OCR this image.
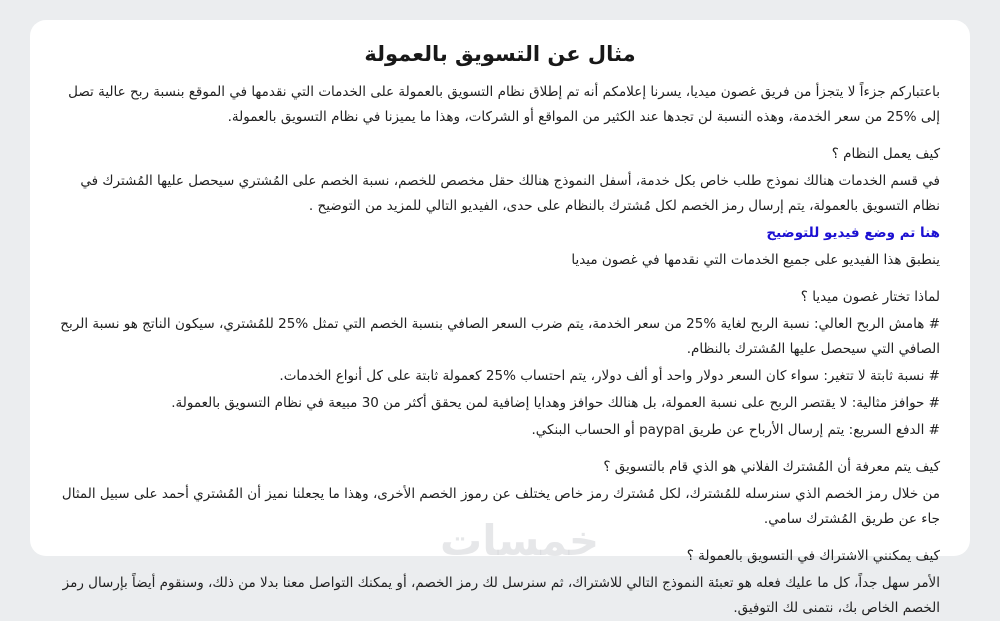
مثال عن التسويق بالعمولة

باعتباركم جزءاً لا يتجزأ من فريق غصون ميديا، يسرنا إعلامكم أنه تم إطلاق نظام التسويق بالعمولة على الخدمات التي نقدمها في الموقع بنسبة ربح عالية تصل إلى %25 من سعر الخدمة، وهذه النسبة لن تجدها عند الكثير من المواقع أو الشركات، وهذا ما يميزنا في نظام التسويق بالعمولة.

كيف يعمل النظام ؟

في قسم الخدمات هنالك نموذج طلب خاص بكل خدمة، أسفل النموذج هنالك حقل مخصص للخصم، نسبة الخصم على المُشتري سيحصل عليها المُشترك في نظام التسويق بالعمولة، يتم إرسال رمز الخصم لكل مُشترك بالنظام على حدى، الفيديو التالي للمزيد من التوضيح .

هنا تم وضع فيديو للتوضيح

ينطبق هذا الفيديو على جميع الخدمات التي نقدمها في غصون ميديا

لماذا تختار غصون ميديا ؟

# هامش الربح العالي: نسبة الربح لغاية %25 من سعر الخدمة، يتم ضرب السعر الصافي بنسبة الخصم التي تمثل %25 للمُشتري، سيكون الناتج هو نسبة الربح الصافي التي سيحصل عليها المُشترك بالنظام.

# نسبة ثابتة لا تتغير: سواء كان السعر دولار واحد أو ألف دولار، يتم احتساب %25 كعمولة ثابتة على كل أنواع الخدمات.

# حوافز مثالية: لا يقتصر الربح على نسبة العمولة، بل هنالك حوافز وهدايا إضافية لمن يحقق أكثر من 30 مبيعة في نظام التسويق بالعمولة.

# الدفع السريع: يتم إرسال الأرباح عن طريق paypal أو الحساب البنكي.

كيف يتم معرفة أن المُشترك الفلاني هو الذي قام بالتسويق ؟

من خلال رمز الخصم الذي سنرسله للمُشترك، لكل مُشترك رمز خاص يختلف عن رموز الخصم الأخرى، وهذا ما يجعلنا نميز أن المُشتري أحمد على سبيل المثال جاء عن طريق المُشترك سامي.

كيف يمكنني الاشتراك في التسويق بالعمولة ؟

الأمر سهل جداً، كل ما عليك فعله هو تعبئة النموذج التالي للاشتراك، ثم سنرسل لك رمز الخصم، أو يمكنك التواصل معنا بدلا من ذلك، وسنقوم أيضاً بإرسال رمز الخصم الخاص بك، نتمنى لك التوفيق.

خمسات
